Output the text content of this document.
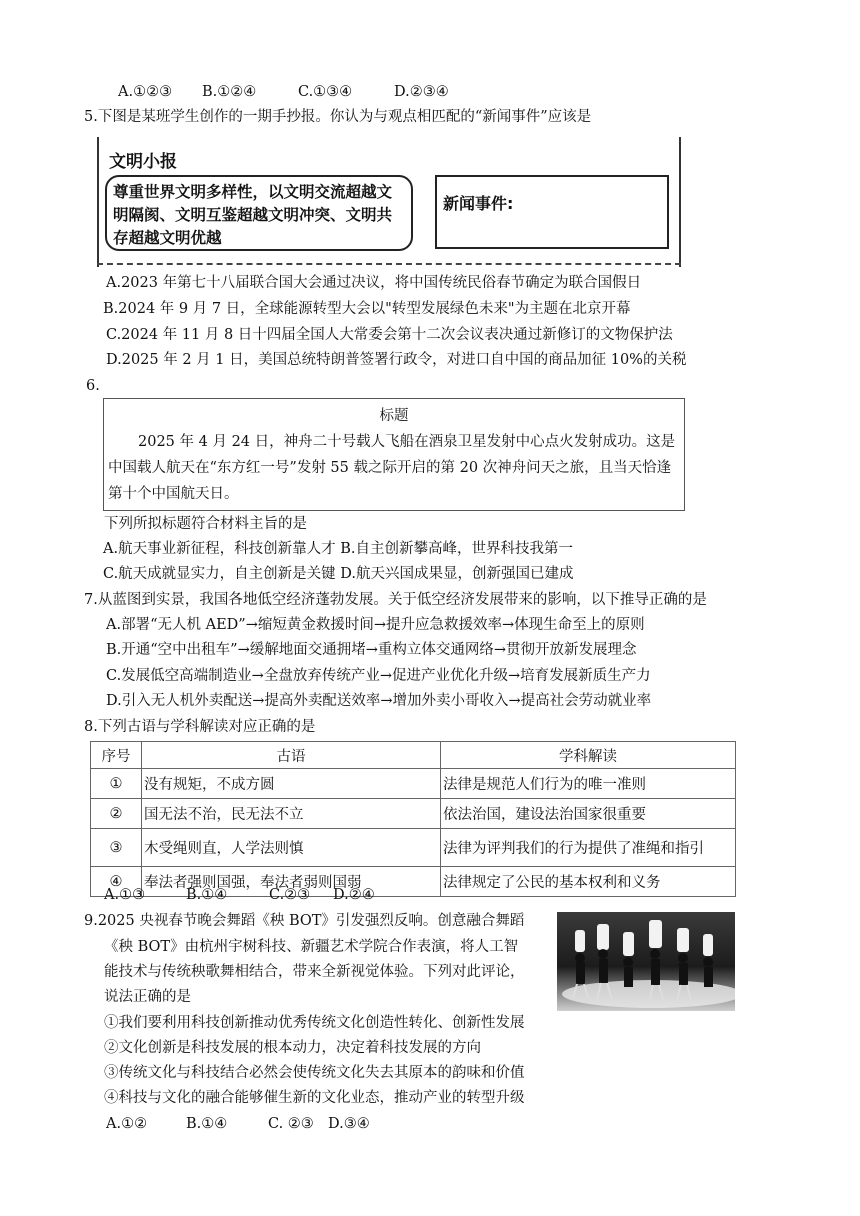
A.①②③ B.①②④	C.①③④	D.②③④
5.下图是某班学生创作的一期手抄报。你认为与观点相匹配的“新闻事件”应该是
文明小报
尊重世界文明多样性，以文明交流超越文明隔阂、文明互鉴超越文明冲突、文明共存超越文明优越
新闻事件:
A.2023 年第七十八届联合国大会通过决议，将中国传统民俗春节确定为联合国假日
B.2024 年 9 月 7 日，全球能源转型大会以"转型发展绿色未来"为主题在北京开幕
C.2024 年 11 月 8 日十四届全国人大常委会第十二次会议表决通过新修订的文物保护法
D.2025 年 2 月 1 日，美国总统特朗普签署行政令，对进口自中国的商品加征 10%的关税
6.
标题
2025 年 4 月 24 日，神舟二十号载人飞船在酒泉卫星发射中心点火发射成功。这是中国载人航天在“东方红一号”发射 55 载之际开启的第 20 次神舟问天之旅，且当天恰逢第十个中国航天日。
下列所拟标题符合材料主旨的是
A.航天事业新征程，科技创新靠人才 B.自主创新攀高峰，世界科技我第一
C.航天成就显实力，自主创新是关键 D.航天兴国成果显，创新强国已建成
7.从蓝图到实景，我国各地低空经济蓬勃发展。关于低空经济发展带来的影响，以下推导正确的是
A.部署“无人机 AED”→缩短黄金救援时间→提升应急救援效率→体现生命至上的原则
B.开通“空中出租车”→缓解地面交通拥堵→重构立体交通网络→贯彻开放新发展理念
C.发展低空高端制造业→全盘放弃传统产业→促进产业优化升级→培育发展新质生产力
D.引入无人机外卖配送→提高外卖配送效率→增加外卖小哥收入→提高社会劳动就业率
8.下列古语与学科解读对应正确的是
序号	古语	学科解读
①	没有规矩，不成方圆	法律是规范人们行为的唯一准则
②	国无法不治，民无法不立	依法治国，建设法治国家很重要
③	木受绳则直，人学法则慎	法律为评判我们的行为提供了准绳和指引
④	奉法者强则国强，奉法者弱则国弱	法律规定了公民的基本权利和义务
A.①③	B.①④	C.②③ D.②④
9.2025 央视春节晚会舞蹈《秧 BOT》引发强烈反响。创意融合舞蹈
《秧 BOT》由杭州宇树科技、新疆艺术学院合作表演，将人工智
能技术与传统秧歌舞相结合，带来全新视觉体验。下列对此评论，
说法正确的是
①我们要利用科技创新推动优秀传统文化创造性转化、创新性发展
②文化创新是科技发展的根本动力，决定着科技发展的方向
③传统文化与科技结合必然会使传统文化失去其原本的韵味和价值
④科技与文化的融合能够催生新的文化业态，推动产业的转型升级
A.①②	B.①④	C. ②③ D.③④
